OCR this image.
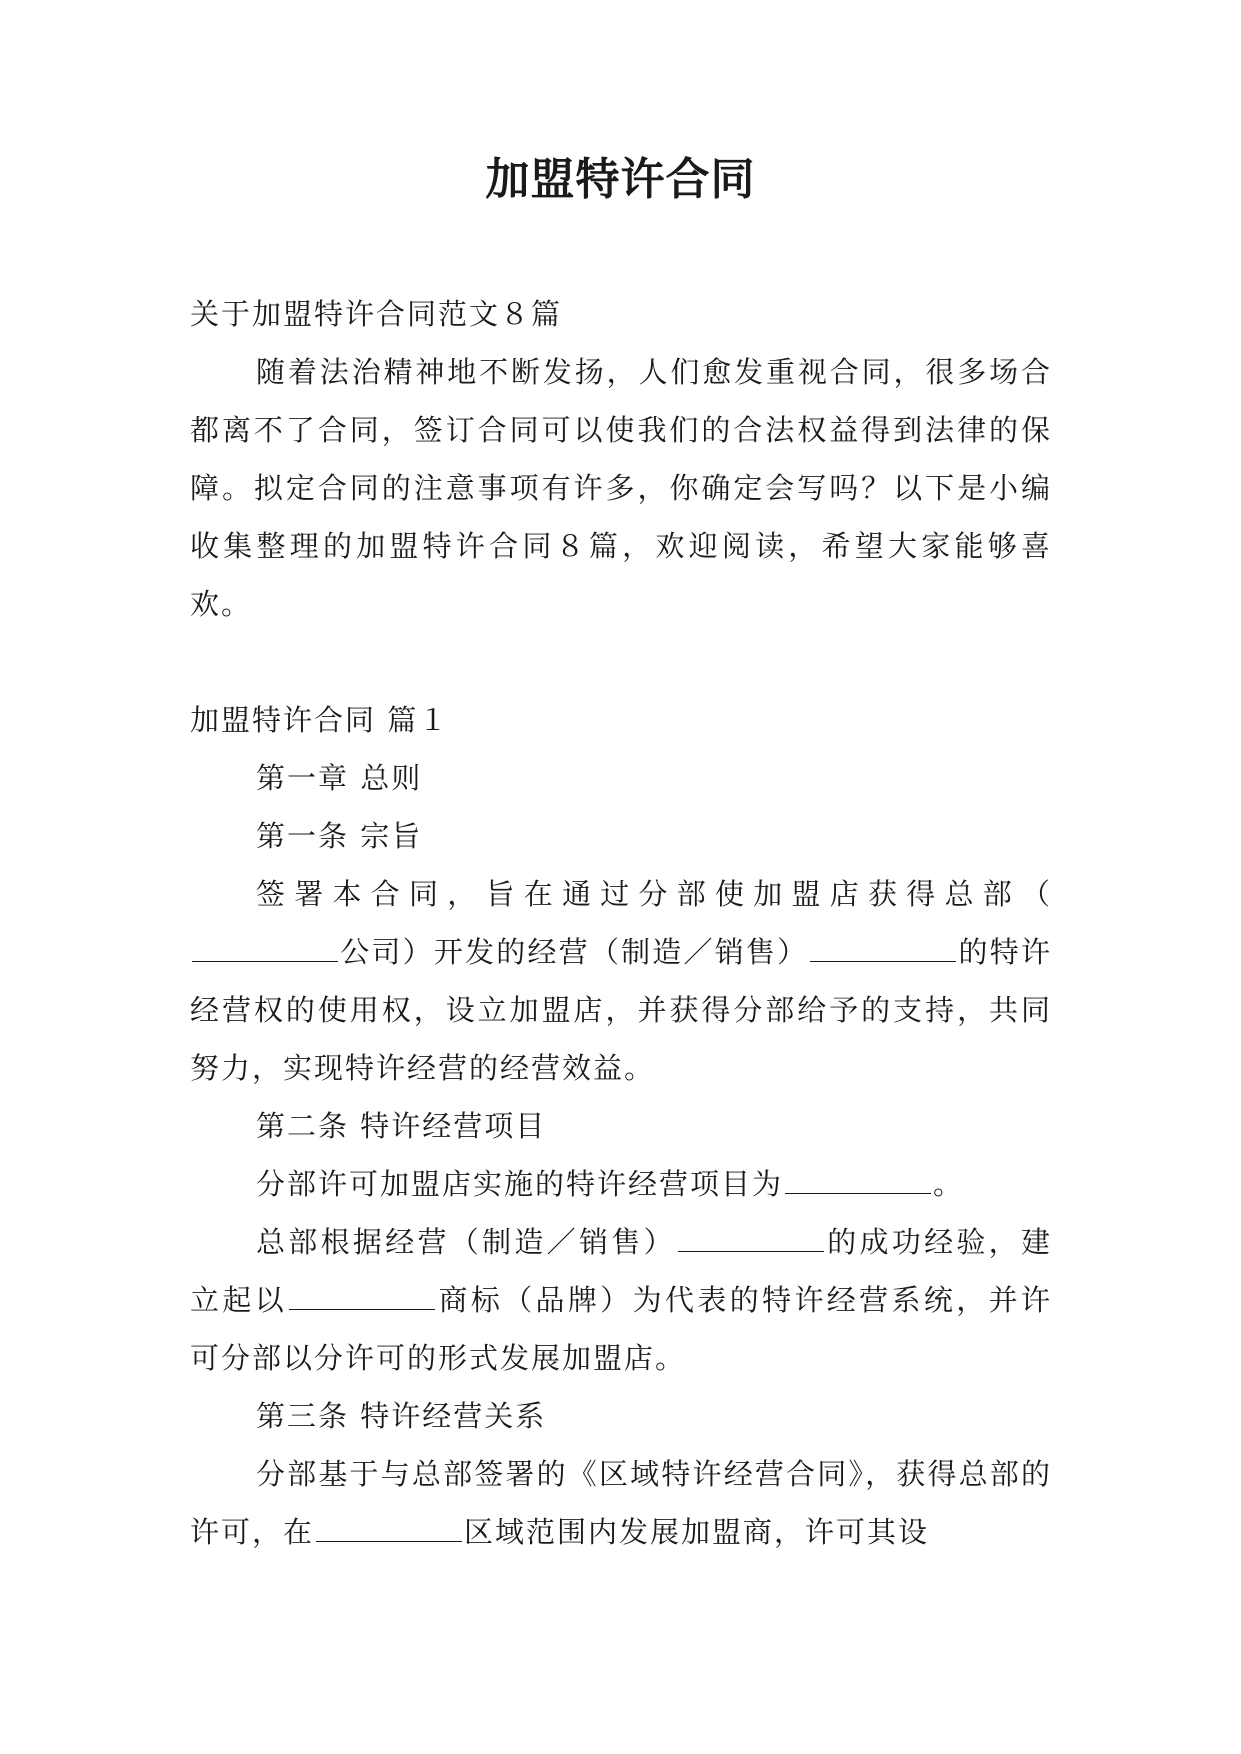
加盟特许合同

关于加盟特许合同范文８篇

随着法治精神地不断发扬，人们愈发重视合同，很多场合都离不了合同，签订合同可以使我们的合法权益得到法律的保障。拟定合同的注意事项有许多，你确定会写吗？以下是小编收集整理的加盟特许合同８篇，欢迎阅读，希望大家能够喜欢。

加盟特许合同 篇１

第一章 总则

第一条 宗旨

签署本合同，旨在通过分部使加盟店获得总部（公司）开发的经营（制造／销售）	的特许经营权的使用权，设立加盟店，并获得分部给予的支持，共同努力，实现特许经营的经营效益。

第二条 特许经营项目

分部许可加盟店实施的特许经营项目为	。

总部根据经营（制造／销售）	的成功经验，建立起以	商标（品牌）为代表的特许经营系统，并许可分部以分许可的形式发展加盟店。

第三条 特许经营关系

分部基于与总部签署的《区域特许经营合同》，获得总部的许可，在	区域范围内发展加盟商，许可其设
